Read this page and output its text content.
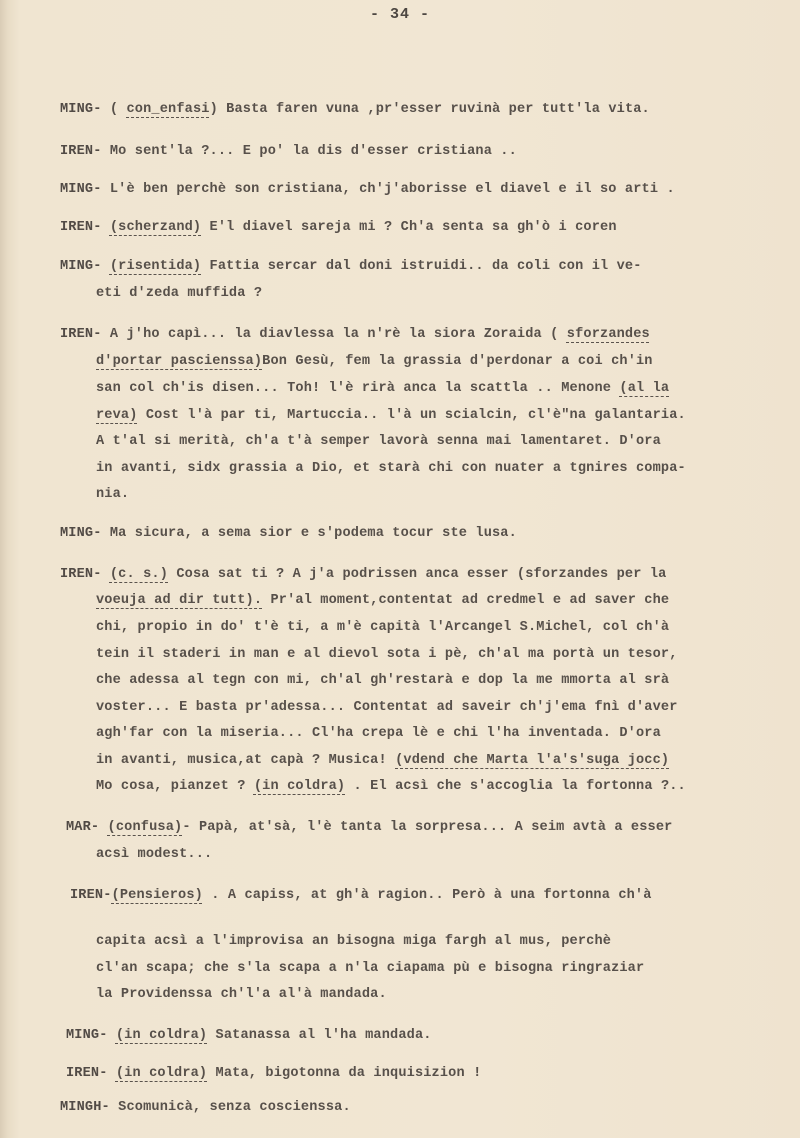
- 34 -
MING- ( con_enfasi) Basta faren vuna ,pr'esser ruvinà per tutt'la vita.
IREN- Mo sent'la ?... E po' la dis d'esser cristiana ..
MING- L'è ben perchè son cristiana, ch'j'aborisse el diavel e il so arti .
IREN- (scherzand) E'l diavel sareja mi ? Ch'a senta sa gh'ò i coren
MING- (risentida) Fattia sercar dal doni istruidi.. da coli con il ve-
eti d'zeda muffida ?
IREN- A j'ho capì... la diavlessa la n'rè la siora Zoraida ( sforzandes
d'portar pascienssa)Bon Gesù, fem la grassia d'perdonar a coi ch'in
san col ch'is disen... Toh! l'è rirà anca la scattla .. Menone (al la
reva) Cost l'à par ti, Martuccia.. l'à un scialcin, cl'è"na galantaria.
A t'al si merità, ch'a t'à semper lavorà senna mai lamentaret. D'ora
in avanti, sidx grassia a Dio, et starà chi con nuater a tgnires compa-
nia.
MING- Ma sicura, a sema sior e s'podema tocur ste lusa.
IREN- (c. s.) Cosa sat ti ? A j'a podrissen anca esser (sforzandes per la
voeuja ad dir tutt). Pr'al moment,contentat ad credmel e ad saver che
chi, propio in do' t'è ti, a m'è capità l'Arcangel S.Michel, col ch'à
tein il staderi in man e al dievol sota i pè, ch'al ma portà un tesor,
che adessa al tegn con mi, ch'al gh'restarà e dop la me mmorta al srà
voster... E basta pr'adessa... Contentat ad saveir ch'j'ema fnì d'aver
agh'far con la miseria... Cl'ha crepa lè e chi l'ha inventada. D'ora
in avanti, musica,at capà ? Musica! (vdend che Marta l'a's'suga jocc)
Mo cosa, pianzet ? (in coldra) . El acsì che s'accoglia la fortonna ?..
MAR- (confusa)- Papà, at'sà, l'è tanta la sorpresa... A seim avtà a esser
acsì modest...
IREN-(Pensieros) . A capiss, at gh'à ragion.. Però à una fortonna ch'à
capita acsì a l'improvisa an bisogna miga fargh al mus, perchè
cl'an scapa; che s'la scapa a n'la ciapama pù e bisogna ringraziar
la Providenssa ch'l'a al'à mandada.
MING- (in coldra) Satanassa al l'ha mandada.
IREN- (in coldra) Mata, bigotonna da inquisizion !
MINGH- Scomunicà, senza coscienssa.
